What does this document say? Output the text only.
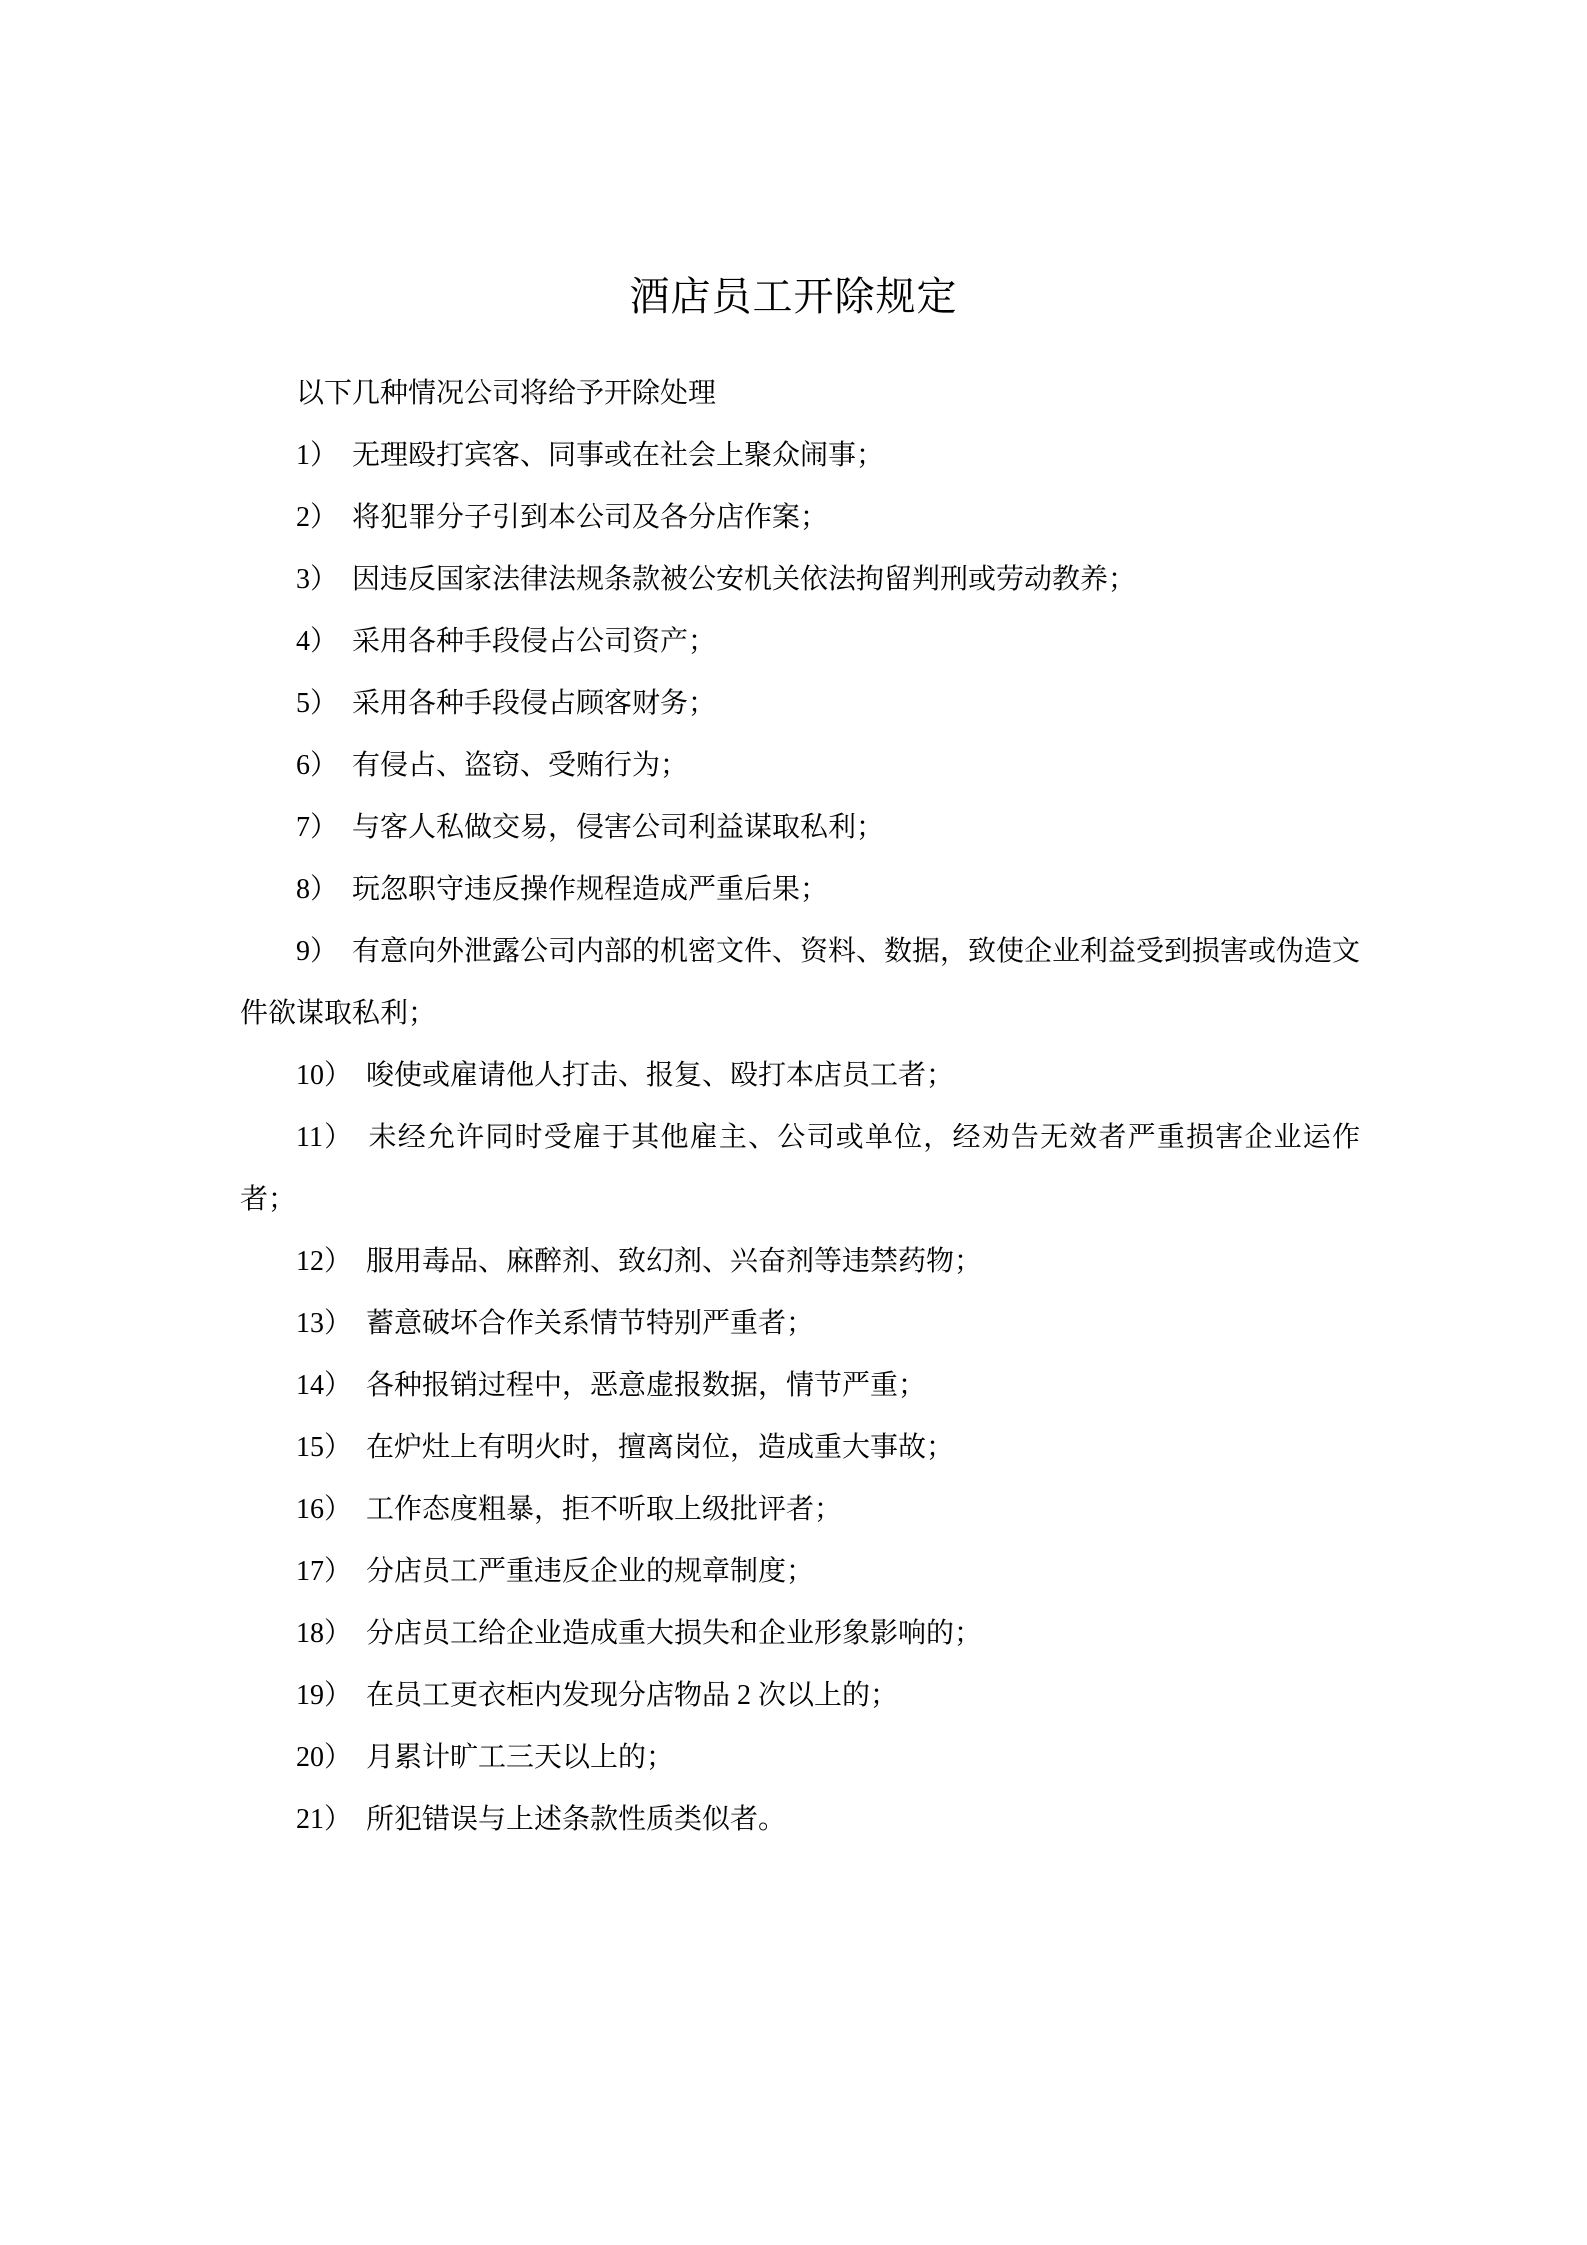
酒店员工开除规定

以下几种情况公司将给予开除处理

1） 无理殴打宾客、同事或在社会上聚众闹事；

2） 将犯罪分子引到本公司及各分店作案；

3） 因违反国家法律法规条款被公安机关依法拘留判刑或劳动教养；

4） 采用各种手段侵占公司资产；

5） 采用各种手段侵占顾客财务；

6） 有侵占、盗窃、受贿行为；

7） 与客人私做交易，侵害公司利益谋取私利；

8） 玩忽职守违反操作规程造成严重后果；

9） 有意向外泄露公司内部的机密文件、资料、数据，致使企业利益受到损害或伪造文件欲谋取私利；

10） 唆使或雇请他人打击、报复、殴打本店员工者；

11） 未经允许同时受雇于其他雇主、公司或单位，经劝告无效者严重损害企业运作者；

12） 服用毒品、麻醉剂、致幻剂、兴奋剂等违禁药物；

13） 蓄意破坏合作关系情节特别严重者；

14） 各种报销过程中，恶意虚报数据，情节严重；

15） 在炉灶上有明火时，擅离岗位，造成重大事故；

16） 工作态度粗暴，拒不听取上级批评者；

17） 分店员工严重违反企业的规章制度；

18） 分店员工给企业造成重大损失和企业形象影响的；

19） 在员工更衣柜内发现分店物品 2 次以上的；

20） 月累计旷工三天以上的；

21） 所犯错误与上述条款性质类似者。
